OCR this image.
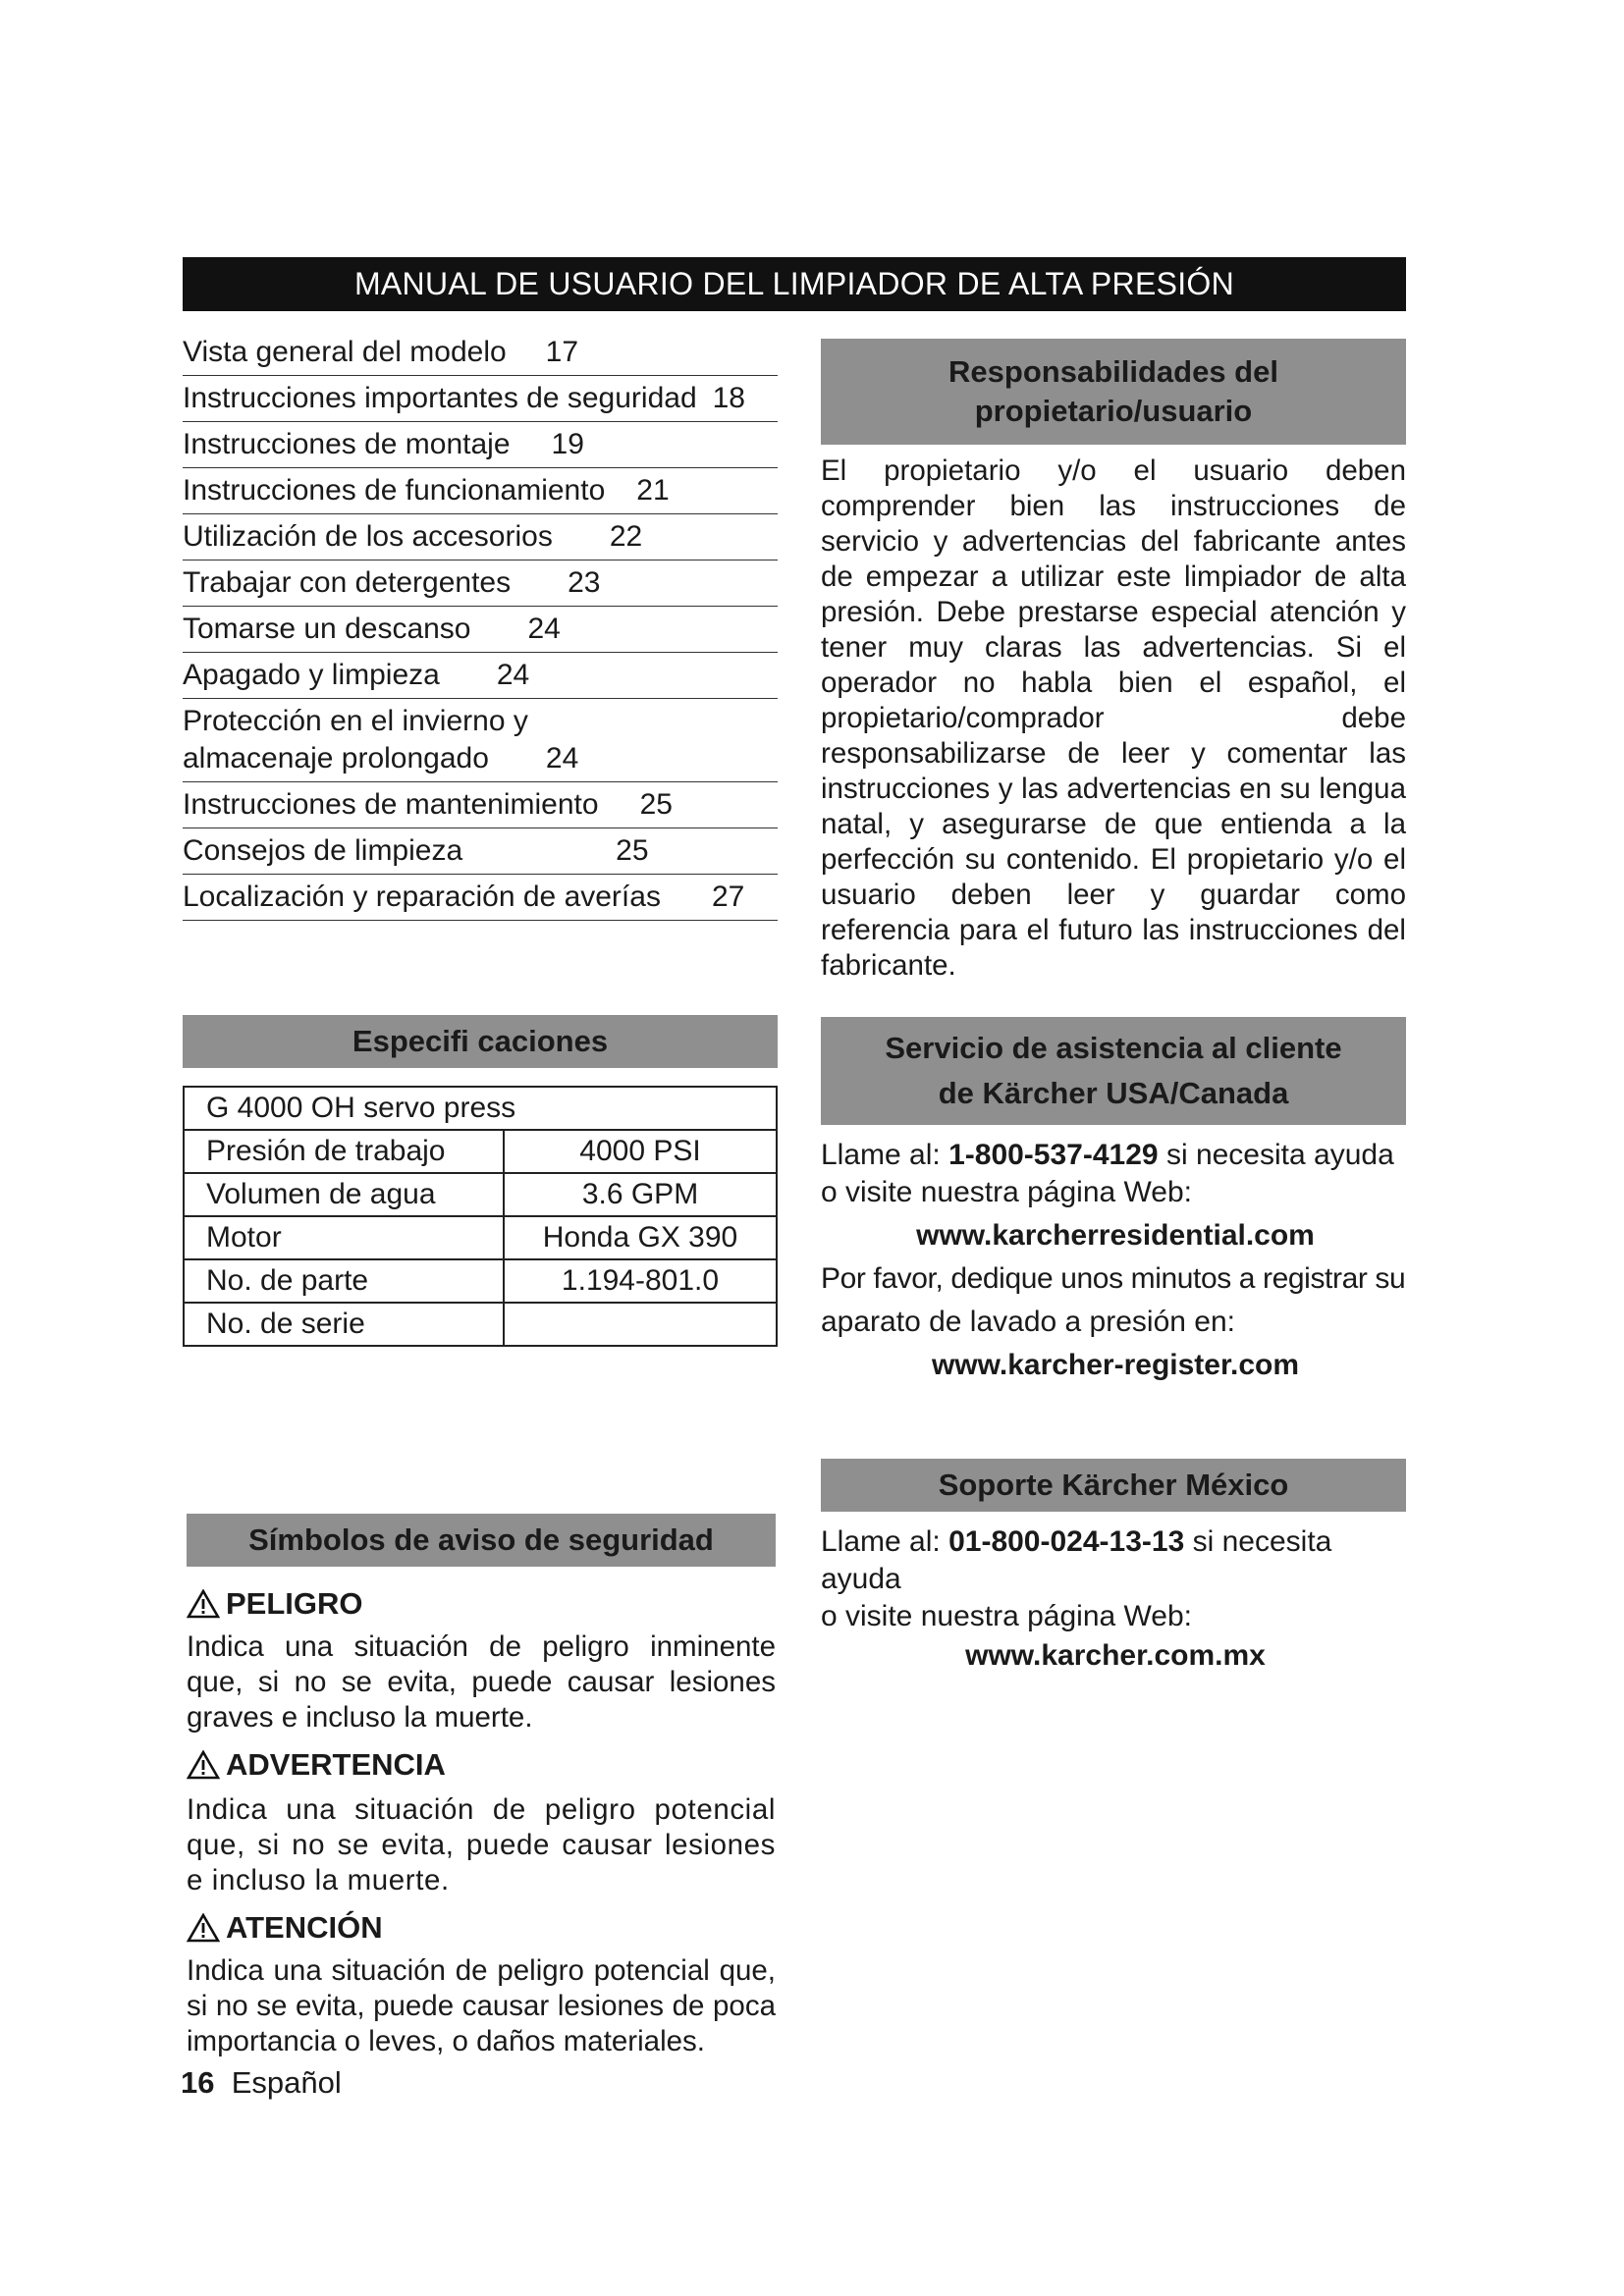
MANUAL DE USUARIO DEL LIMPIADOR DE ALTA PRESIÓN
Vista general del modelo 17
Instrucciones importantes de seguridad 18
Instrucciones de montaje 19
Instrucciones de funcionamiento 21
Utilización de los accesorios 22
Trabajar con detergentes 23
Tomarse un descanso 24
Apagado y limpieza 24
Protección en el invierno y
almacenaje prolongado 24
Instrucciones de mantenimiento 25
Consejos de limpieza	25
Localización y reparación de averías 27
Responsabilidades del propietario/usuario
El propietario y/o el usuario deben comprender bien las instrucciones de servicio y advertencias del fabricante antes de empezar a utilizar este limpiador de alta presión. Debe prestarse especial atención y tener muy claras las advertencias. Si el operador no habla bien el español, el propietario/comprador debe responsabilizarse de leer y comentar las instrucciones y las advertencias en su lengua natal, y asegurarse de que entienda a la perfección su contenido. El propietario y/o el usuario deben leer y guardar como referencia para el futuro las instrucciones del fabricante.
Especifi caciones
G 4000 OH servo press	
Presión de trabajo	4000 PSI
Volumen de agua	3.6 GPM
Motor	Honda GX 390
No. de parte	1.194-801.0
No. de serie	
Servicio de asistencia al cliente
de Kärcher USA/Canada
Llame al: 1-800-537-4129 si necesita ayuda
o visite nuestra página Web:
www.karcherresidential.com
Por favor, dedique unos minutos a registrar su
aparato de lavado a presión en:
www.karcher-register.com
Soporte Kärcher México
Llame al: 01-800-024-13-13 si necesita ayuda
o visite nuestra página Web:
www.karcher.com.mx
Símbolos de aviso de seguridad
PELIGRO
Indica una situación de peligro inminente que, si no se evita, puede causar lesiones graves e incluso la muerte.
ADVERTENCIA
Indica una situación de peligro potencial que, si no se evita, puede causar lesiones e incluso la muerte.
ATENCIÓN
Indica una situación de peligro potencial que, si no se evita, puede causar lesiones de poca importancia o leves, o daños materiales.
16 Español
